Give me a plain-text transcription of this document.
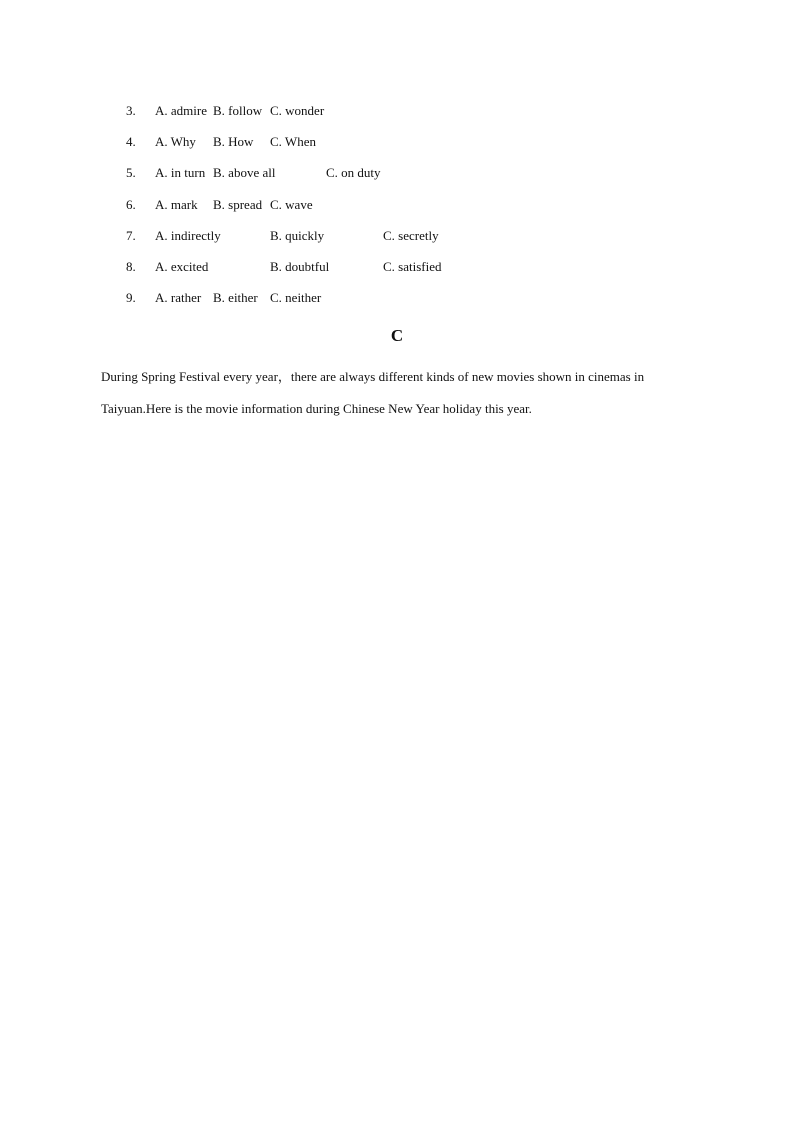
3. A. admire B. follow C. wonder
4. A. Why B. How C. When
5. A. in turn B. above all	C. on duty
6. A. mark B. spread C. wave
7. A. indirectly	B. quickly	C. secretly
8. A. excited	B. doubtful	C. satisfied
9. A. rather B. either C. neither
C

During Spring Festival every year，there are always different kinds of new movies shown in cinemas in Taiyuan.Here is the movie information during Chinese New Year holiday this year.
